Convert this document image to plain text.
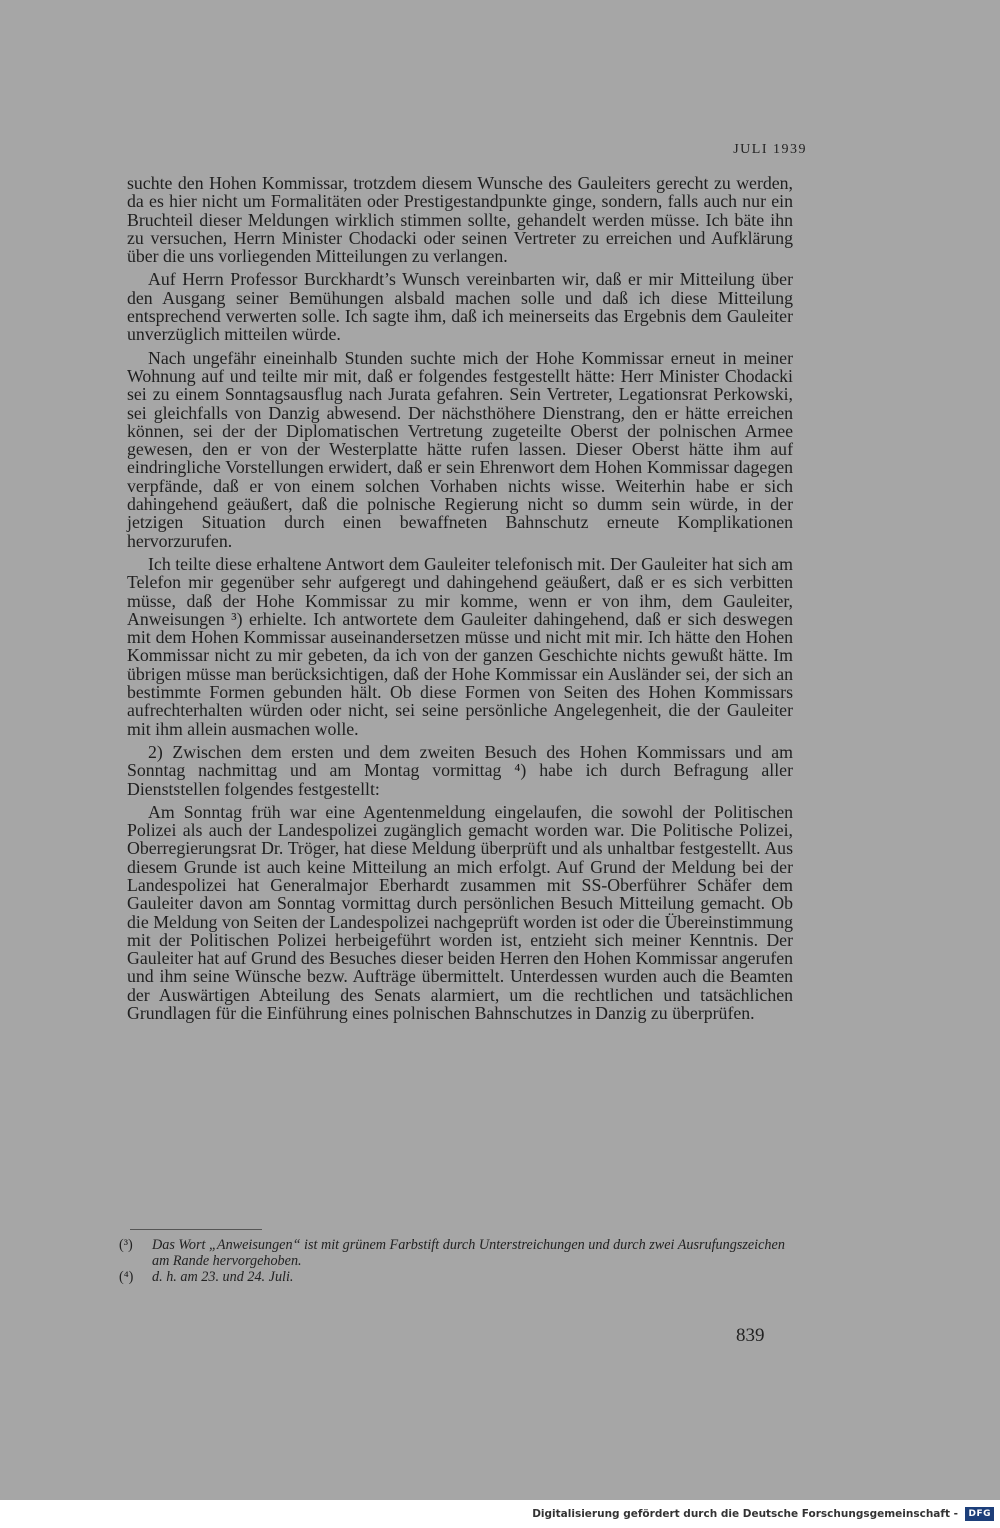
JULI 1939

suchte den Hohen Kommissar, trotzdem diesem Wunsche des Gauleiters gerecht zu werden, da es hier nicht um Formalitäten oder Prestigestandpunkte ginge, sondern, falls auch nur ein Bruchteil dieser Meldungen wirklich stimmen sollte, gehandelt werden müsse. Ich bäte ihn zu versuchen, Herrn Minister Chodacki oder seinen Vertreter zu erreichen und Aufklärung über die uns vorliegenden Mitteilungen zu verlangen.

Auf Herrn Professor Burckhardt’s Wunsch vereinbarten wir, daß er mir Mitteilung über den Ausgang seiner Bemühungen alsbald machen solle und daß ich diese Mitteilung entsprechend verwerten solle. Ich sagte ihm, daß ich meinerseits das Ergebnis dem Gauleiter unverzüglich mitteilen würde.

Nach ungefähr eineinhalb Stunden suchte mich der Hohe Kommissar erneut in meiner Wohnung auf und teilte mir mit, daß er folgendes festgestellt hätte: Herr Minister Chodacki sei zu einem Sonntagsausflug nach Jurata gefahren. Sein Vertreter, Legationsrat Perkowski, sei gleichfalls von Danzig abwesend. Der nächsthöhere Dienstrang, den er hätte erreichen können, sei der der Diplomatischen Vertretung zugeteilte Oberst der polnischen Armee gewesen, den er von der Westerplatte hätte rufen lassen. Dieser Oberst hätte ihm auf eindringliche Vorstellungen erwidert, daß er sein Ehrenwort dem Hohen Kommissar dagegen verpfände, daß er von einem solchen Vorhaben nichts wisse. Weiterhin habe er sich dahingehend geäußert, daß die polnische Regierung nicht so dumm sein würde, in der jetzigen Situation durch einen bewaffneten Bahnschutz erneute Komplikationen hervorzurufen.

Ich teilte diese erhaltene Antwort dem Gauleiter telefonisch mit. Der Gauleiter hat sich am Telefon mir gegenüber sehr aufgeregt und dahingehend geäußert, daß er es sich verbitten müsse, daß der Hohe Kommissar zu mir komme, wenn er von ihm, dem Gauleiter, Anweisungen ³) erhielte. Ich antwortete dem Gauleiter dahingehend, daß er sich deswegen mit dem Hohen Kommissar auseinandersetzen müsse und nicht mit mir. Ich hätte den Hohen Kommissar nicht zu mir gebeten, da ich von der ganzen Geschichte nichts gewußt hätte. Im übrigen müsse man berücksichtigen, daß der Hohe Kommissar ein Ausländer sei, der sich an bestimmte Formen gebunden hält. Ob diese Formen von Seiten des Hohen Kommissars aufrechterhalten würden oder nicht, sei seine persönliche Angelegenheit, die der Gauleiter mit ihm allein ausmachen wolle.

2) Zwischen dem ersten und dem zweiten Besuch des Hohen Kommissars und am Sonntag nachmittag und am Montag vormittag ⁴) habe ich durch Befragung aller Dienststellen folgendes festgestellt:

Am Sonntag früh war eine Agentenmeldung eingelaufen, die sowohl der Politischen Polizei als auch der Landespolizei zugänglich gemacht worden war. Die Politische Polizei, Oberregierungsrat Dr. Tröger, hat diese Meldung überprüft und als unhaltbar festgestellt. Aus diesem Grunde ist auch keine Mitteilung an mich erfolgt. Auf Grund der Meldung bei der Landespolizei hat Generalmajor Eberhardt zusammen mit SS-Oberführer Schäfer dem Gauleiter davon am Sonntag vormittag durch persönlichen Besuch Mitteilung gemacht. Ob die Meldung von Seiten der Landespolizei nachgeprüft worden ist oder die Übereinstimmung mit der Politischen Polizei herbeigeführt worden ist, entzieht sich meiner Kenntnis. Der Gauleiter hat auf Grund des Besuches dieser beiden Herren den Hohen Kommissar angerufen und ihm seine Wünsche bezw. Aufträge übermittelt. Unterdessen wurden auch die Beamten der Auswärtigen Abteilung des Senats alarmiert, um die rechtlichen und tatsächlichen Grundlagen für die Einführung eines polnischen Bahnschutzes in Danzig zu überprüfen.

(³)	Das Wort „Anweisungen“ ist mit grünem Farbstift durch Unterstreichungen und durch zwei Ausrufungszeichen am Rande hervorgehoben.
(⁴)	d. h. am 23. und 24. Juli.
839
Digitalisierung gefördert durch die Deutsche Forschungsgemeinschaft -	DFG
